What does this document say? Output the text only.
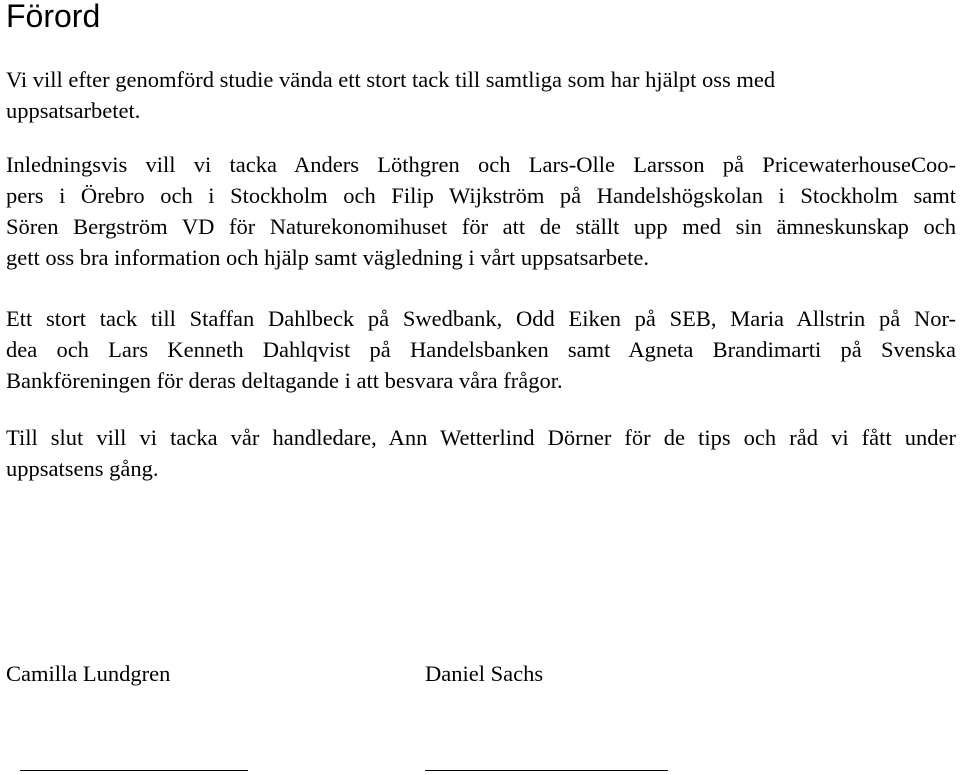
Förord

Vi vill efter genomförd studie vända ett stort tack till samtliga som har hjälpt oss med
uppsatsarbetet.

Inledningsvis vill vi tacka Anders Löthgren och Lars-Olle Larsson på PricewaterhouseCoo-
pers i Örebro och i Stockholm och Filip Wijkström på Handelshögskolan i Stockholm samt
Sören Bergström VD för Naturekonomihuset för att de ställt upp med sin ämneskunskap och
gett oss bra information och hjälp samt vägledning i vårt uppsatsarbete.

Ett stort tack till Staffan Dahlbeck på Swedbank, Odd Eiken på SEB, Maria Allstrin på Nor-
dea och Lars Kenneth Dahlqvist på Handelsbanken samt Agneta Brandimarti på Svenska
Bankföreningen för deras deltagande i att besvara våra frågor.

Till slut vill vi tacka vår handledare, Ann Wetterlind Dörner för de tips och råd vi fått under
uppsatsens gång.

Camilla Lundgren	Daniel Sachs
